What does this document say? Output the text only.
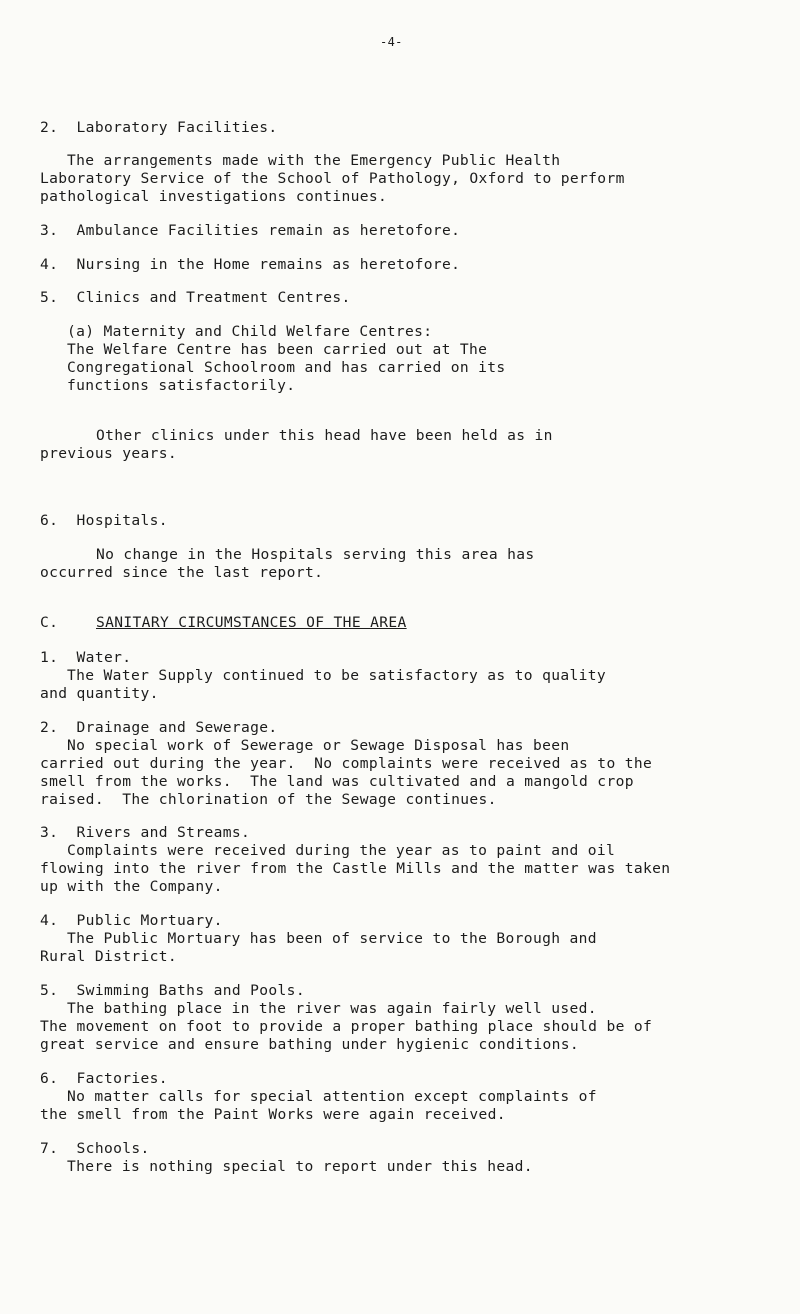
-4-
2.  Laboratory Facilities.
The arrangements made with the Emergency Public Health
Laboratory Service of the School of Pathology, Oxford to perform
pathological investigations continues.
3.  Ambulance Facilities remain as heretofore.
4.  Nursing in the Home remains as heretofore.
5.  Clinics and Treatment Centres.
(a) Maternity and Child Welfare Centres:
The Welfare Centre has been carried out at The
Congregational Schoolroom and has carried on its
functions satisfactorily.
Other clinics under this head have been held as in
previous years.
6.  Hospitals.
No change in the Hospitals serving this area has
occurred since the last report.
C.	SANITARY CIRCUMSTANCES OF THE AREA
1.  Water.
The Water Supply continued to be satisfactory as to quality
and quantity.
2.  Drainage and Sewerage.
No special work of Sewerage or Sewage Disposal has been
carried out during the year.  No complaints were received as to the
smell from the works.  The land was cultivated and a mangold crop
raised.  The chlorination of the Sewage continues.
3.  Rivers and Streams.
Complaints were received during the year as to paint and oil
flowing into the river from the Castle Mills and the matter was taken
up with the Company.
4.  Public Mortuary.
The Public Mortuary has been of service to the Borough and
Rural District.
5.  Swimming Baths and Pools.
The bathing place in the river was again fairly well used.
The movement on foot to provide a proper bathing place should be of
great service and ensure bathing under hygienic conditions.
6.  Factories.
No matter calls for special attention except complaints of
the smell from the Paint Works were again received.
7.  Schools.
There is nothing special to report under this head.
